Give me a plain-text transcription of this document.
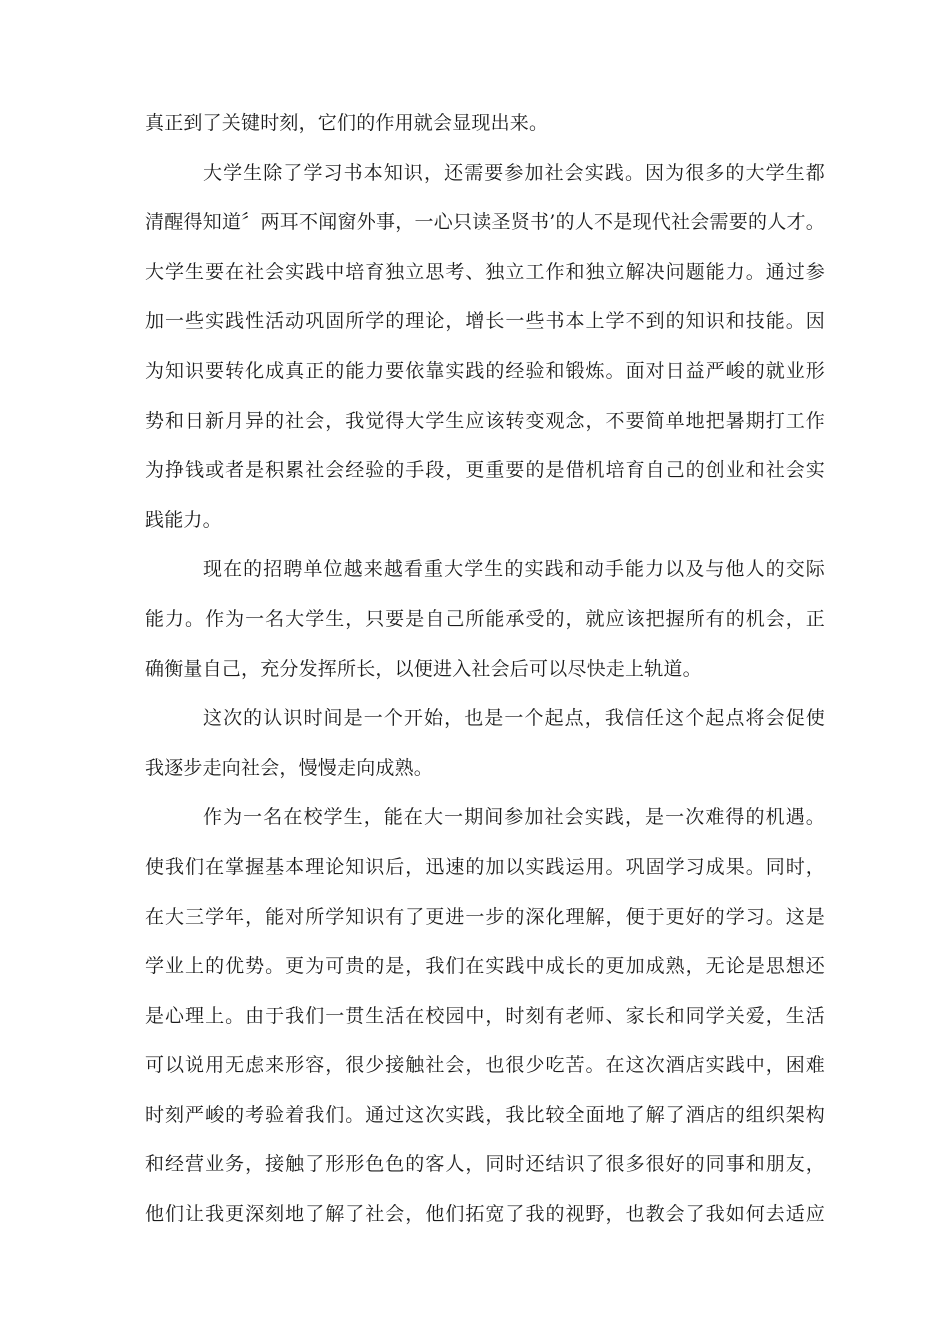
真正到了关键时刻，它们的作用就会显现出来。
大学生除了学习书本知识，还需要参加社会实践。因为很多的大学生都
清醒得知道〞两耳不闻窗外事，一心只读圣贤书’的人不是现代社会需要的人才。
大学生要在社会实践中培育独立思考、独立工作和独立解决问题能力。通过参
加一些实践性活动巩固所学的理论，增长一些书本上学不到的知识和技能。因
为知识要转化成真正的能力要依靠实践的经验和锻炼。面对日益严峻的就业形
势和日新月异的社会，我觉得大学生应该转变观念，不要简单地把暑期打工作
为挣钱或者是积累社会经验的手段，更重要的是借机培育自己的创业和社会实
践能力。
现在的招聘单位越来越看重大学生的实践和动手能力以及与他人的交际
能力。作为一名大学生，只要是自己所能承受的，就应该把握所有的机会，正
确衡量自己，充分发挥所长，以便进入社会后可以尽快走上轨道。
这次的认识时间是一个开始，也是一个起点，我信任这个起点将会促使
我逐步走向社会，慢慢走向成熟。
作为一名在校学生，能在大一期间参加社会实践，是一次难得的机遇。
使我们在掌握基本理论知识后，迅速的加以实践运用。巩固学习成果。同时，
在大三学年，能对所学知识有了更进一步的深化理解，便于更好的学习。这是
学业上的优势。更为可贵的是，我们在实践中成长的更加成熟，无论是思想还
是心理上。由于我们一贯生活在校园中，时刻有老师、家长和同学关爱，生活
可以说用无虑来形容，很少接触社会，也很少吃苦。在这次酒店实践中，困难
时刻严峻的考验着我们。通过这次实践，我比较全面地了解了酒店的组织架构
和经营业务，接触了形形色色的客人，同时还结识了很多很好的同事和朋友，
他们让我更深刻地了解了社会，他们拓宽了我的视野，也教会了我如何去适应
